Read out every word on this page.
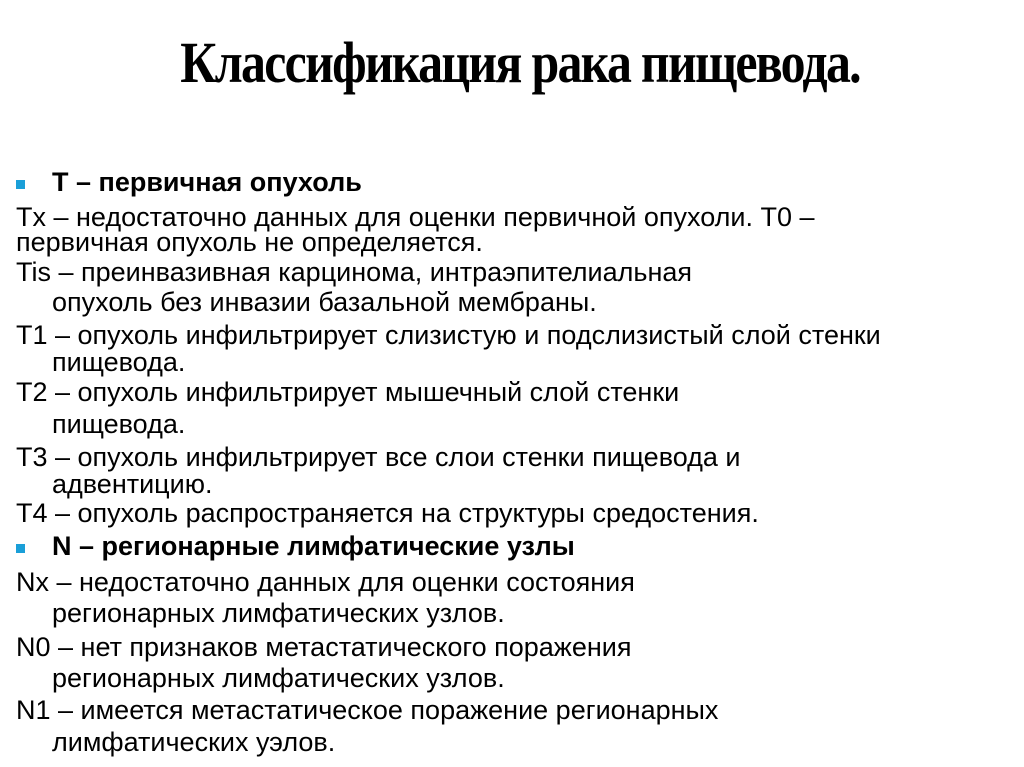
Классификация рака пищевода.
T – первичная опухоль
Tx – недостаточно данных для оценки первичной опухоли. T0 –
первичная опухоль не определяется.
Tis – преинвазивная карцинома, интраэпителиальная
опухоль без инвазии базальной мембраны.
T1 – опухоль инфильтрирует слизистую и подслизистый слой стенки
пищевода.
T2 – опухоль инфильтрирует мышечный слой стенки
пищевода.
T3 – опухоль инфильтрирует все слои стенки пищевода и
адвентицию.
T4 – опухоль распространяется на структуры средостения.
N – регионарные лимфатические узлы
Nx – недостаточно данных для оценки состояния
регионарных лимфатических узлов.
N0 – нет признаков метастатического поражения
регионарных лимфатических узлов.
N1 – имеется метастатическое поражение регионарных
лимфатических уэлов.
